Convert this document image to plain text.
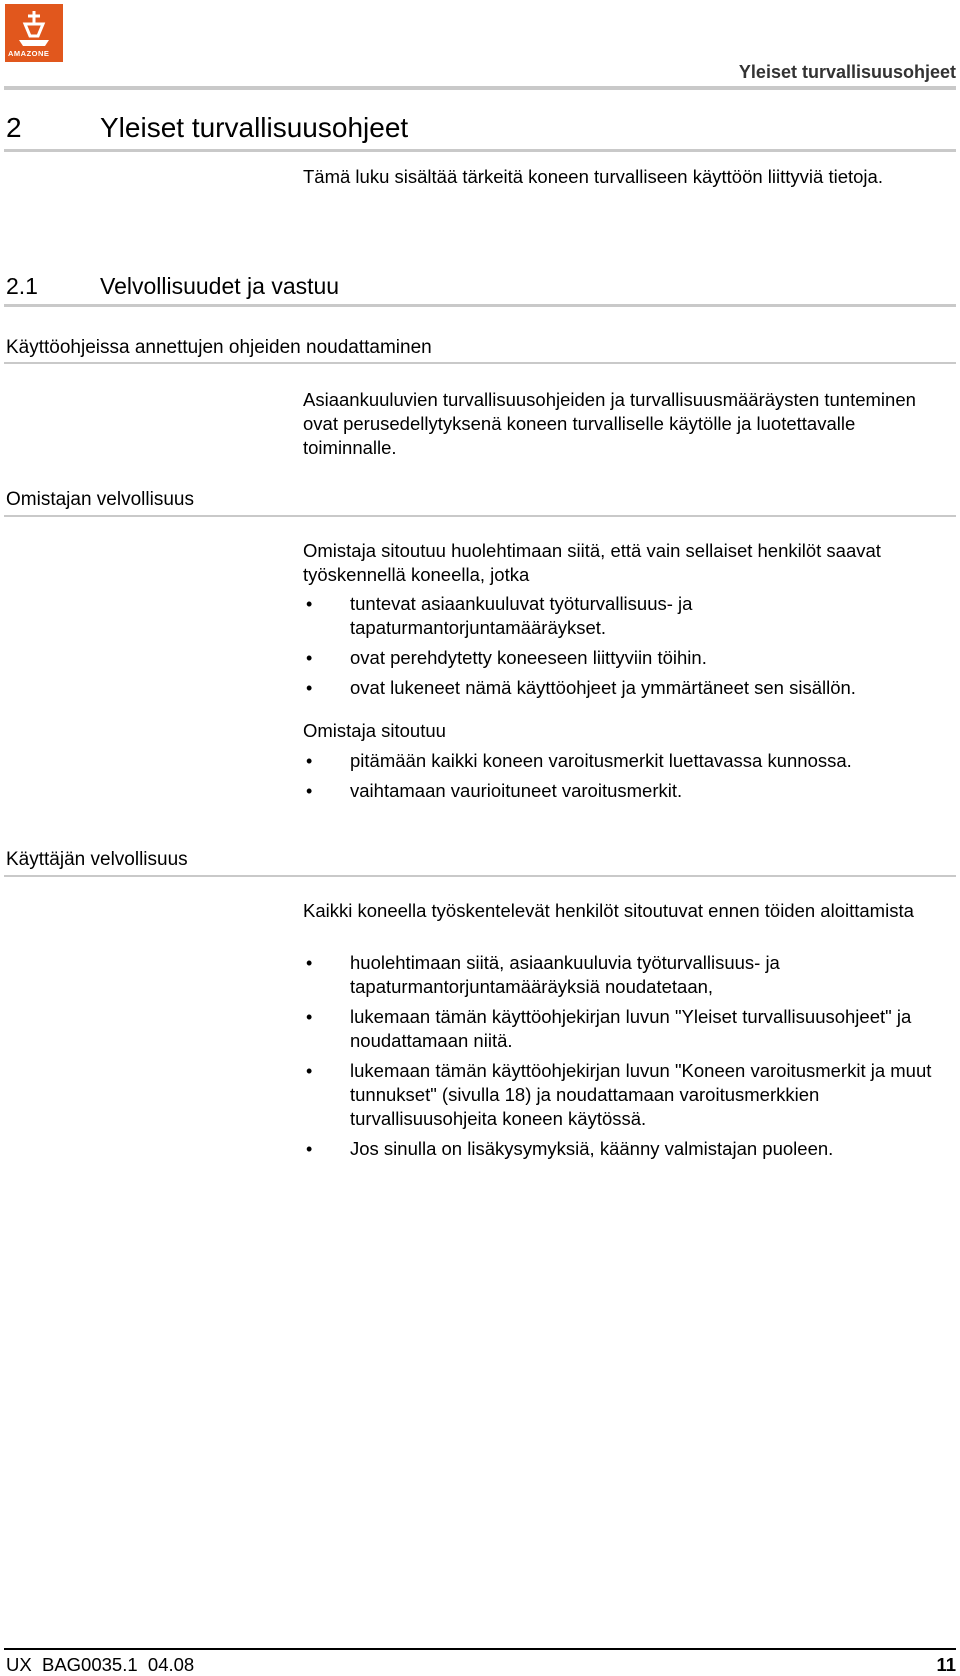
AMAZONE
Yleiset turvallisuusohjeet
2	Yleiset turvallisuusohjeet
Tämä luku sisältää tärkeitä koneen turvalliseen käyttöön liittyviä tietoja.
2.1	Velvollisuudet ja vastuu
Käyttöohjeissa annettujen ohjeiden noudattaminen
Asiaankuuluvien turvallisuusohjeiden ja turvallisuusmääräysten tunteminen ovat perusedellytyksenä koneen turvalliselle käytölle ja luotettavalle toiminnalle.
Omistajan velvollisuus
Omistaja sitoutuu huolehtimaan siitä, että vain sellaiset henkilöt saavat työskennellä koneella, jotka
• tuntevat asiaankuuluvat työturvallisuus- ja tapaturmantorjuntamääräykset.
• ovat perehdytetty koneeseen liittyviin töihin.
• ovat lukeneet nämä käyttöohjeet ja ymmärtäneet sen sisällön.
Omistaja sitoutuu
• pitämään kaikki koneen varoitusmerkit luettavassa kunnossa.
• vaihtamaan vaurioituneet varoitusmerkit.
Käyttäjän velvollisuus
Kaikki koneella työskentelevät henkilöt sitoutuvat ennen töiden aloittamista
• huolehtimaan siitä, asiaankuuluvia työturvallisuus- ja tapaturmantorjuntamääräyksiä noudatetaan,
• lukemaan tämän käyttöohjekirjan luvun "Yleiset turvallisuusohjeet" ja noudattamaan niitä.
• lukemaan tämän käyttöohjekirjan luvun "Koneen varoitusmerkit ja muut tunnukset" (sivulla 18) ja noudattamaan varoitusmerkkien turvallisuusohjeita koneen käytössä.
• Jos sinulla on lisäkysymyksiä, käänny valmistajan puoleen.
UX  BAG0035.1  04.08	11
